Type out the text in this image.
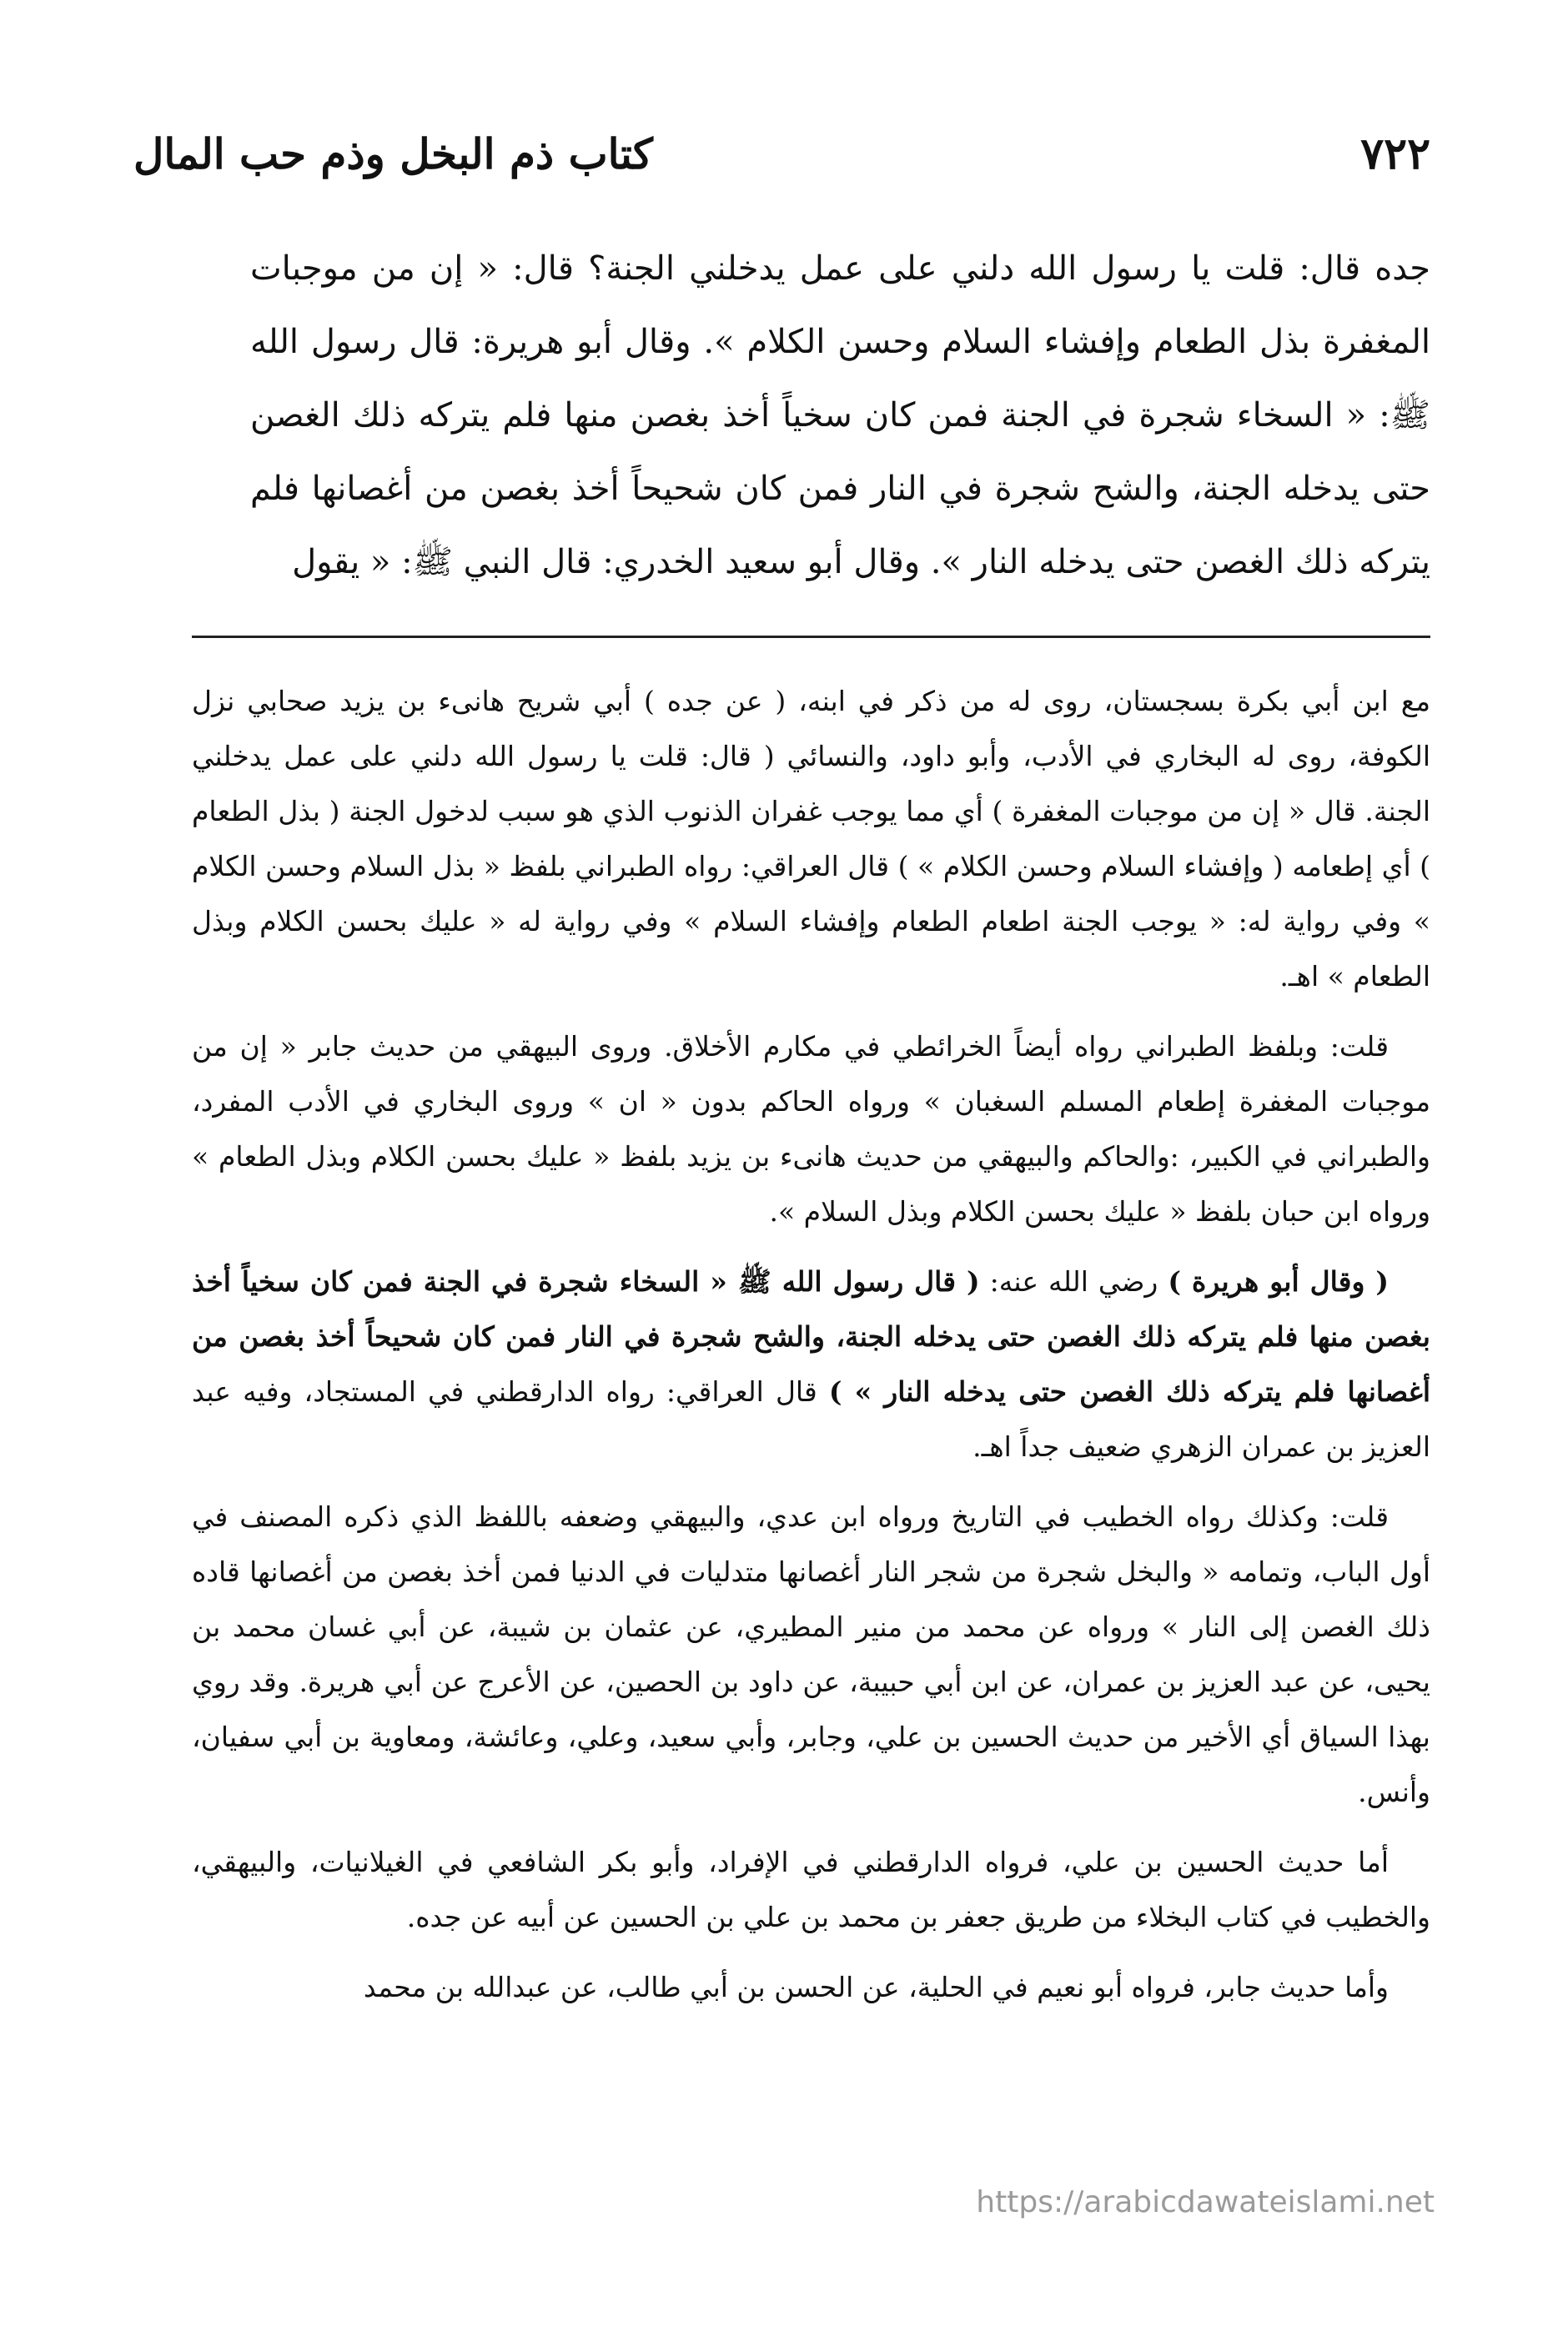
٧٢٢
كتاب ذم البخل وذم حب المال

جده قال: قلت يا رسول الله دلني على عمل يدخلني الجنة؟ قال: « إن من موجبات المغفرة بذل الطعام وإفشاء السلام وحسن الكلام ». وقال أبو هريرة: قال رسول الله ﷺ: « السخاء شجرة في الجنة فمن كان سخياً أخذ بغصن منها فلم يتركه ذلك الغصن حتى يدخله الجنة، والشح شجرة في النار فمن كان شحيحاً أخذ بغصن من أغصانها فلم يتركه ذلك الغصن حتى يدخله النار ». وقال أبو سعيد الخدري: قال النبي ﷺ: « يقول

مع ابن أبي بكرة بسجستان، روى له من ذكر في ابنه، ( عن جده ) أبي شريح هانىء بن يزيد صحابي نزل الكوفة، روى له البخاري في الأدب، وأبو داود، والنسائي ( قال: قلت يا رسول الله دلني على عمل يدخلني الجنة. قال « إن من موجبات المغفرة ) أي مما يوجب غفران الذنوب الذي هو سبب لدخول الجنة ( بذل الطعام ) أي إطعامه ( وإفشاء السلام وحسن الكلام » ) قال العراقي: رواه الطبراني بلفظ « بذل السلام وحسن الكلام » وفي رواية له: « يوجب الجنة اطعام الطعام وإفشاء السلام » وفي رواية له « عليك بحسن الكلام وبذل الطعام » اهـ.

قلت: وبلفظ الطبراني رواه أيضاً الخرائطي في مكارم الأخلاق. وروى البيهقي من حديث جابر « إن من موجبات المغفرة إطعام المسلم السغبان » ورواه الحاكم بدون « ان » وروى البخاري في الأدب المفرد، والطبراني في الكبير، :والحاكم والبيهقي من حديث هانىء بن يزيد بلفظ « عليك بحسن الكلام وبذل الطعام » ورواه ابن حبان بلفظ « عليك بحسن الكلام وبذل السلام ».

( وقال أبو هريرة ) رضي الله عنه: ( قال رسول الله ﷺ « السخاء شجرة في الجنة فمن كان سخياً أخذ بغصن منها فلم يتركه ذلك الغصن حتى يدخله الجنة، والشح شجرة في النار فمن كان شحيحاً أخذ بغصن من أغصانها فلم يتركه ذلك الغصن حتى يدخله النار » ) قال العراقي: رواه الدارقطني في المستجاد، وفيه عبد العزيز بن عمران الزهري ضعيف جداً اهـ.

قلت: وكذلك رواه الخطيب في التاريخ ورواه ابن عدي، والبيهقي وضعفه باللفظ الذي ذكره المصنف في أول الباب، وتمامه « والبخل شجرة من شجر النار أغصانها متدليات في الدنيا فمن أخذ بغصن من أغصانها قاده ذلك الغصن إلى النار » ورواه عن محمد من منير المطيري، عن عثمان بن شيبة، عن أبي غسان محمد بن يحيى، عن عبد العزيز بن عمران، عن ابن أبي حبيبة، عن داود بن الحصين، عن الأعرج عن أبي هريرة. وقد روي بهذا السياق أي الأخير من حديث الحسين بن علي، وجابر، وأبي سعيد، وعلي، وعائشة، ومعاوية بن أبي سفيان، وأنس.

أما حديث الحسين بن علي، فرواه الدارقطني في الإفراد، وأبو بكر الشافعي في الغيلانيات، والبيهقي، والخطيب في كتاب البخلاء من طريق جعفر بن محمد بن علي بن الحسين عن أبيه عن جده.

وأما حديث جابر، فرواه أبو نعيم في الحلية، عن الحسن بن أبي طالب، عن عبدالله بن محمد

https://arabicdawateislami.net
